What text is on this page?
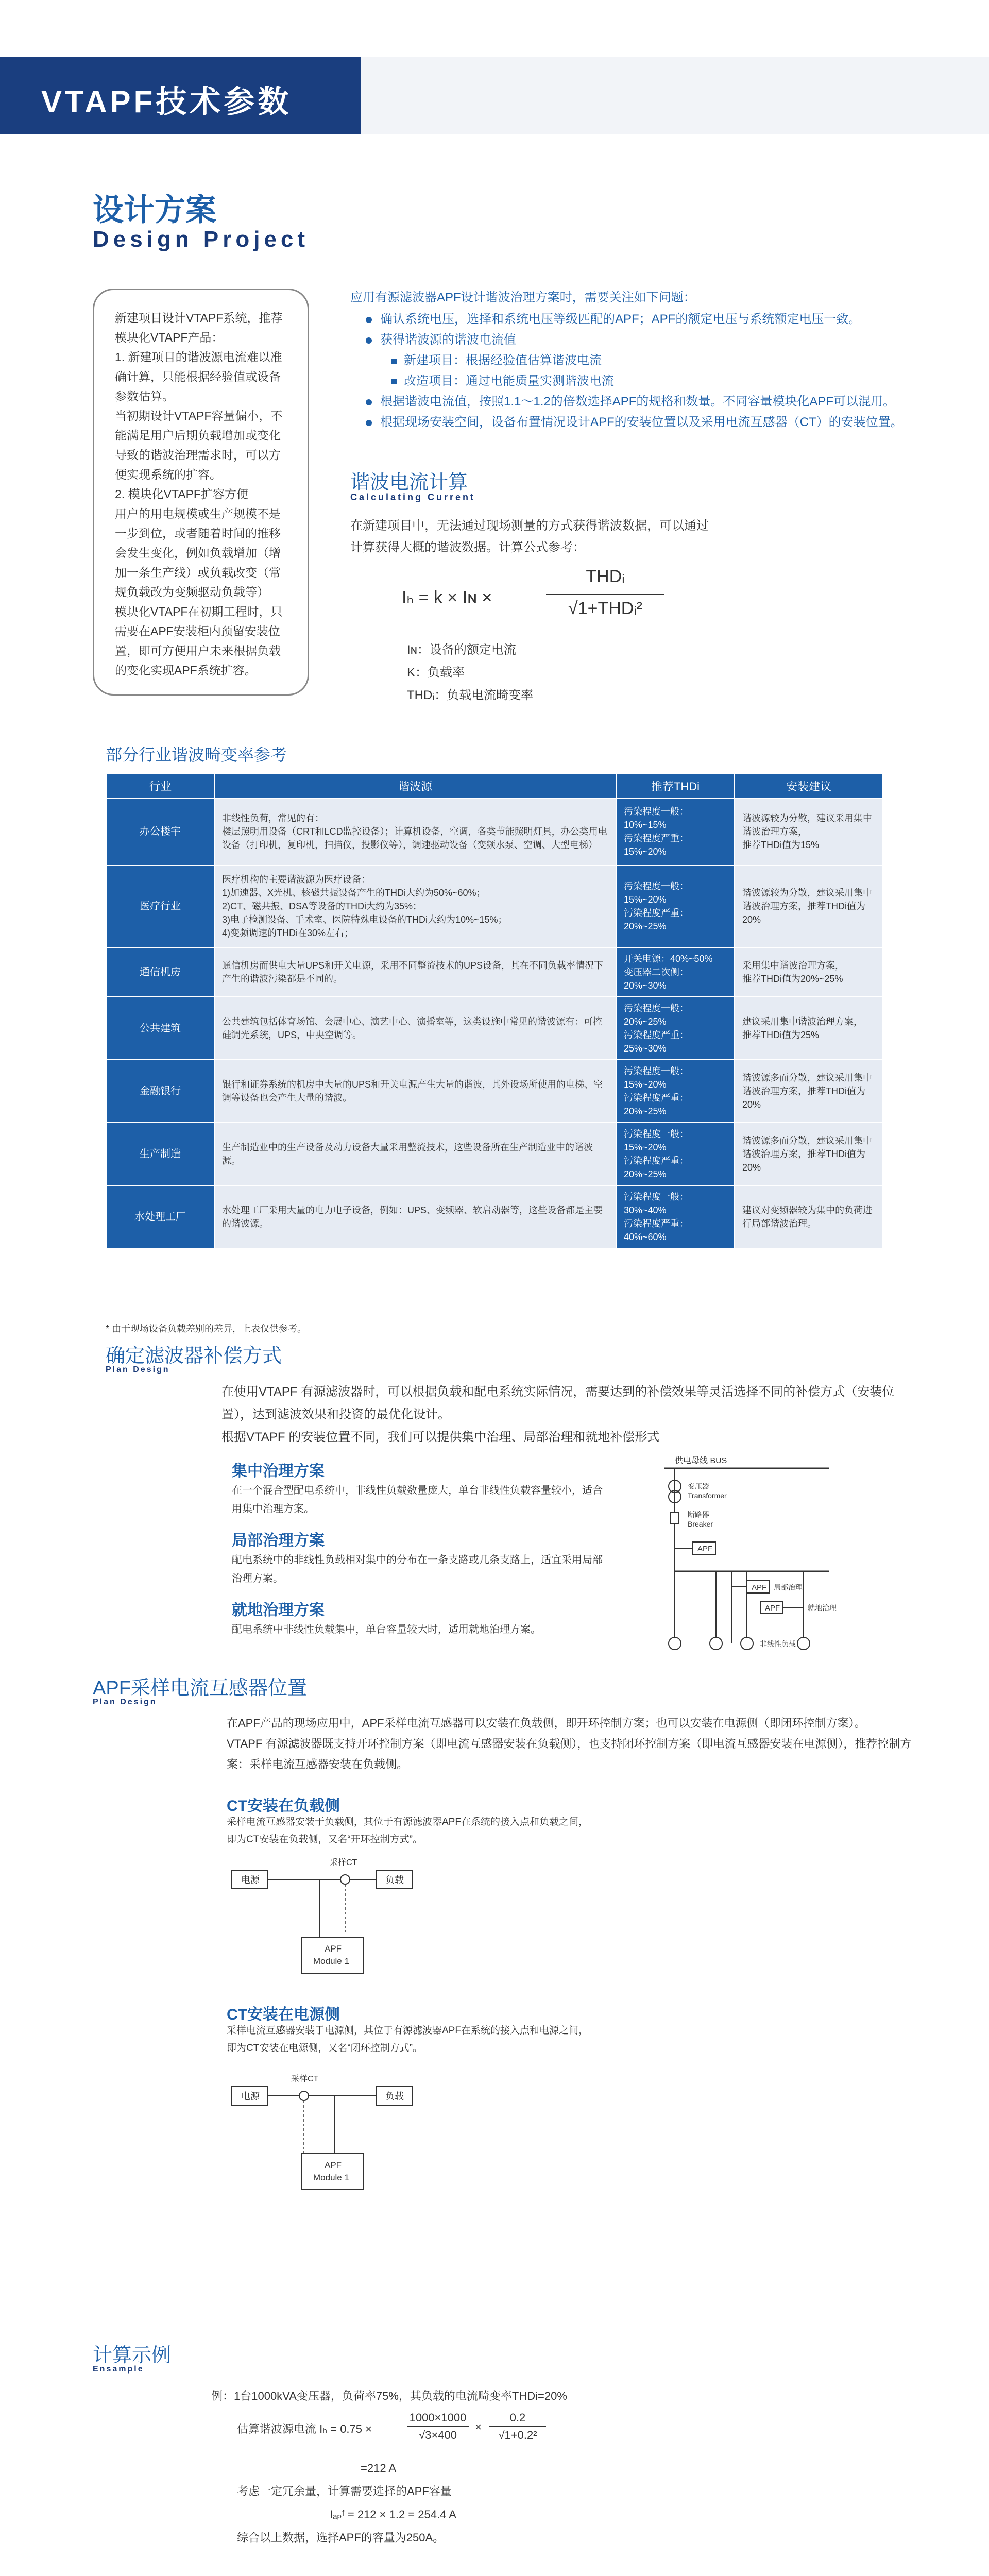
VTAPF技术参数
设计方案
Design Project

新建项目设计VTAPF系统，推荐模块化VTAPF产品：

1. 新建项目的谐波源电流难以准确计算，只能根据经验值或设备参数估算。

当初期设计VTAPF容量偏小，不能满足用户后期负载增加或变化导致的谐波治理需求时，可以方便实现系统的扩容。

2. 模块化VTAPF扩容方便

用户的用电规模或生产规模不是一步到位，或者随着时间的推移会发生变化，例如负载增加（增加一条生产线）或负载改变（常规负载改为变频驱动负载等）

模块化VTAPF在初期工程时，只需要在APF安装柜内预留安装位置，即可方便用户未来根据负载的变化实现APF系统扩容。

应用有源滤波器APF设计谐波治理方案时，需要关注如下问题：
确认系统电压，选择和系统电压等级匹配的APF；APF的额定电压与系统额定电压一致。
获得谐波源的谐波电流值
新建项目：根据经验值估算谐波电流
改造项目：通过电能质量实测谐波电流
根据谐波电流值，按照1.1～1.2的倍数选择APF的规格和数量。不同容量模块化APF可以混用。
根据现场安装空间，设备布置情况设计APF的安装位置以及采用电流互感器（CT）的安装位置。
谐波电流计算
Calculating Current
在新建项目中，无法通过现场测量的方式获得谐波数据，可以通过计算获得大概的谐波数据。计算公式参考：
Iₕ = k × Iɴ ×
THDᵢ
√1+THDᵢ²
Iɴ：设备的额定电流
K：负载率
THDᵢ：负载电流畸变率
部分行业谐波畸变率参考
行业	谐波源	推荐THDi	安装建议
办公楼宇	非线性负荷，常见的有：
楼层照明用设备（CRT和LCD监控设备）；计算机设备，空调，各类节能照明灯具，办公类用电设备（打印机，复印机，扫描仪，投影仪等），调速驱动设备（变频水泵、空调、大型电梯）	污染程度一般：10%~15%
污染程度严重：15%~20%	谐波源较为分散，建议采用集中谐波治理方案，
推荐THDi值为15%
医疗行业	医疗机构的主要谐波源为医疗设备：
1)加速器、X光机、核磁共振设备产生的THDi大约为50%~60%；
2)CT、磁共振、DSA等设备的THDi大约为35%；
3)电子检测设备、手术室、医院特殊电设备的THDi大约为10%~15%；
4)变频调速的THDi在30%左右；	污染程度一般：15%~20%
污染程度严重：20%~25%	谐波源较为分散，建议采用集中谐波治理方案，推荐THDi值为20%
通信机房	通信机房而供电大量UPS和开关电源，采用不同整流技术的UPS设备，其在不同负载率情况下产生的谐波污染都是不同的。	开关电源：40%~50%
变压器二次侧：20%~30%	采用集中谐波治理方案，
推荐THDi值为20%~25%
公共建筑	公共建筑包括体育场馆、会展中心、演艺中心、演播室等，这类设施中常见的谐波源有：可控硅调光系统，UPS，中央空调等。	污染程度一般：20%~25%
污染程度严重：25%~30%	建议采用集中谐波治理方案，
推荐THDi值为25%
金融银行	银行和证券系统的机房中大量的UPS和开关电源产生大量的谐波，其外设场所使用的电梯、空调等设备也会产生大量的谐波。	污染程度一般：15%~20%
污染程度严重：20%~25%	谐波源多而分散，建议采用集中谐波治理方案，推荐THDi值为20%
生产制造	生产制造业中的生产设备及动力设备大量采用整流技术，这些设备所在生产制造业中的谐波源。	污染程度一般：15%~20%
污染程度严重：20%~25%	谐波源多而分散，建议采用集中谐波治理方案，推荐THDi值为20%
水处理工厂	水处理工厂采用大量的电力电子设备，例如：UPS、变频器、软启动器等，这些设备都是主要的谐波源。	污染程度一般：30%~40%
污染程度严重：40%~60%	建议对变频器较为集中的负荷进行局部谐波治理。
* 由于现场设备负载差别的差异，上表仅供参考。
确定滤波器补偿方式
Plan Design
在使用VTAPF 有源滤波器时，可以根据负载和配电系统实际情况，需要达到的补偿效果等灵活选择不同的补偿方式（安装位置），达到滤波效果和投资的最优化设计。
根据VTAPF 的安装位置不同，我们可以提供集中治理、局部治理和就地补偿形式
集中治理方案
在一个混合型配电系统中，非线性负载数量庞大，单台非线性负载容量较小，适合用集中治理方案。
局部治理方案
配电系统中的非线性负载相对集中的分布在一条支路或几条支路上，适宜采用局部治理方案。
就地治理方案
配电系统中非线性负载集中，单台容量较大时，适用就地治理方案。
供电母线 BUS
变压器
Transformer
断路器
Breaker
APF
APF 局部治理
APF	就地治理
非线性负载
APF采样电流互感器位置
Plan Design
在APF产品的现场应用中，APF采样电流互感器可以安装在负载侧，即开环控制方案；也可以安装在电源侧（即闭环控制方案）。
VTAPF 有源滤波器既支持开环控制方案（即电流互感器安装在负载侧），也支持闭环控制方案（即电流互感器安装在电源侧），推荐控制方案：采样电流互感器安装在负载侧。
CT安装在负载侧
采样电流互感器安装于负载侧，其位于有源滤波器APF在系统的接入点和负载之间，即为CT安装在负载侧，又名“开环控制方式”。
电源	负载
采样CT
APF
Module 1
CT安装在电源侧
采样电流互感器安装于电源侧，其位于有源滤波器APF在系统的接入点和电源之间，即为CT安装在电源侧，又名“闭环控制方式”。
电源	负载
采样CT
APF
Module 1
计算示例
Ensample
例：1台1000kVA变压器，负荷率75%，其负载的电流畸变率THDi=20%
估算谐波源电流 Iₕ = 0.75 ×
1000×1000
√3×400
×
0.2
√1+0.2²
=212 A
考虑一定冗余量，计算需要选择的APF容量
Iₐₚᶠ = 212 × 1.2 = 254.4 A
综合以上数据，选择APF的容量为250A。
